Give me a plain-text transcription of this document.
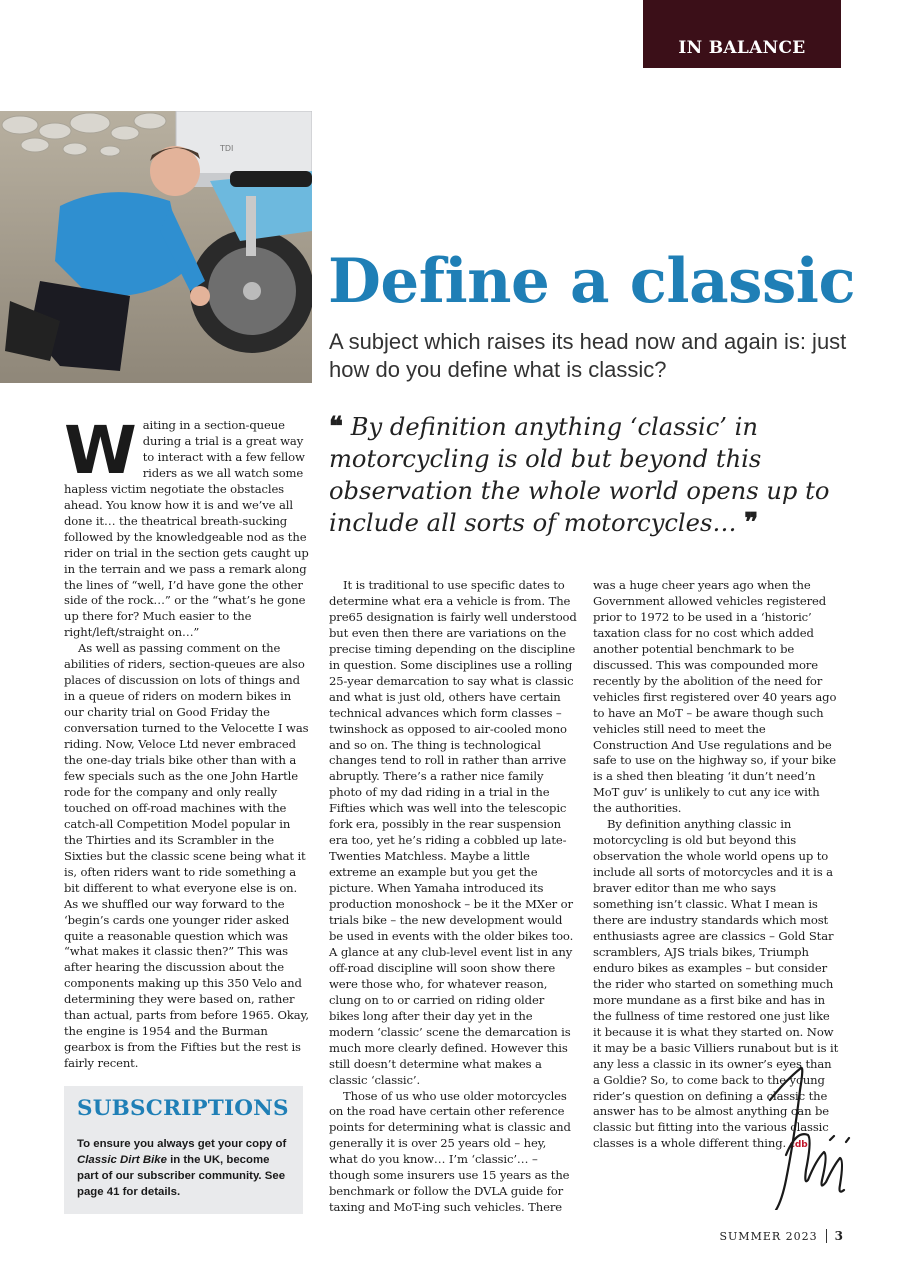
IN BALANCE
TDI
Define a classic

A subject which raises its head now and again is: just how do you define what is classic?

❝ By definition anything ‘classic’ in motorcycling is old but beyond this observation the whole world opens up to include all sorts of motorcycles… ❞

Waiting in a section-queue during a trial is a great way to interact with a few fellow riders as we all watch some hapless victim negotiate the obstacles ahead. You know how it is and we’ve all done it… the theatrical breath-sucking followed by the knowledgeable nod as the rider on trial in the section gets caught up in the terrain and we pass a remark along the lines of “well, I’d have gone the other side of the rock…” or the “what’s he gone up there for? Much easier to the right/left/straight on…”

As well as passing comment on the abilities of riders, section-queues are also places of discussion on lots of things and in a queue of riders on modern bikes in our charity trial on Good Friday the conversation turned to the Velocette I was riding. Now, Veloce Ltd never embraced the one-day trials bike other than with a few specials such as the one John Hartle rode for the company and only really touched on off-road machines with the catch-all Competition Model popular in the Thirties and its Scrambler in the Sixties but the classic scene being what it is, often riders want to ride something a bit different to what everyone else is on. As we shuffled our way forward to the ‘begin’s cards one younger rider asked quite a reasonable question which was “what makes it classic then?” This was after hearing the discussion about the components making up this 350 Velo and determining they were based on, rather than actual, parts from before 1965. Okay, the engine is 1954 and the Burman gearbox is from the Fifties but the rest is fairly recent.

It is traditional to use specific dates to determine what era a vehicle is from. The pre65 designation is fairly well understood but even then there are variations on the precise timing depending on the discipline in question. Some disciplines use a rolling 25-year demarcation to say what is classic and what is just old, others have certain technical advances which form classes – twinshock as opposed to air-cooled mono and so on. The thing is technological changes tend to roll in rather than arrive abruptly. There’s a rather nice family photo of my dad riding in a trial in the Fifties which was well into the telescopic fork era, possibly in the rear suspension era too, yet he’s riding a cobbled up late-Twenties Matchless. Maybe a little extreme an example but you get the picture. When Yamaha introduced its production monoshock – be it the MXer or trials bike – the new development would be used in events with the older bikes too. A glance at any club-level event list in any off-road discipline will soon show there were those who, for whatever reason, clung on to or carried on riding older bikes long after their day yet in the modern ‘classic’ scene the demarcation is much more clearly defined. However this still doesn’t determine what makes a classic ‘classic’.

Those of us who use older motorcycles on the road have certain other reference points for determining what is classic and generally it is over 25 years old – hey, what do you know… I’m ‘classic’… – though some insurers use 15 years as the benchmark or follow the DVLA guide for taxing and MoT-ing such vehicles. There

was a huge cheer years ago when the Government allowed vehicles registered prior to 1972 to be used in a ‘historic’ taxation class for no cost which added another potential benchmark to be discussed. This was compounded more recently by the abolition of the need for vehicles first registered over 40 years ago to have an MoT – be aware though such vehicles still need to meet the Construction And Use regulations and be safe to use on the highway so, if your bike is a shed then bleating ‘it dun’t need’n MoT guv’ is unlikely to cut any ice with the authorities.

By definition anything classic in motorcycling is old but beyond this observation the whole world opens up to include all sorts of motorcycles and it is a braver editor than me who says something isn’t classic. What I mean is there are industry standards which most enthusiasts agree are classics – Gold Star scramblers, AJS trials bikes, Triumph enduro bikes as examples – but consider the rider who started on something much more mundane as a first bike and has in the fullness of time restored one just like it because it is what they started on. Now it may be a basic Villiers runabout but is it any less a classic in its owner’s eyes than a Goldie? So, to come back to the young rider’s question on defining a classic the answer has to be almost anything can be classic but fitting into the various classic classes is a whole different thing. cdb

SUBSCRIPTIONS
To ensure you always get your copy of Classic Dirt Bike in the UK, become part of our subscriber community. See page 41 for details.
SUMMER 2023 3
